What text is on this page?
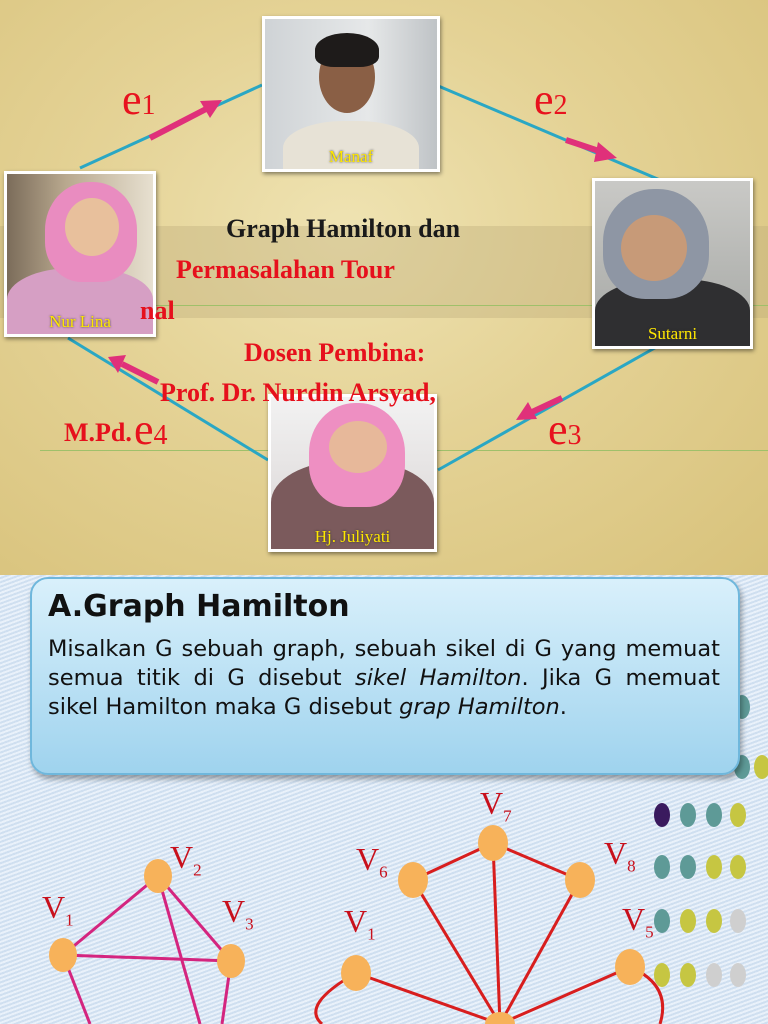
Manaf
Sutarni
Hj. Juliyati
Nur Lina
e1	e2
e3
e4
Graph Hamilton dan
Permasalahan Tour
nal
Dosen Pembina:
Prof. Dr. Nurdin Arsyad,
M.Pd.
A.Graph Hamilton
Misalkan G sebuah graph, sebuah sikel di G yang memuat semua titik di G disebut sikel Hamilton. Jika G memuat sikel Hamilton maka G disebut grap Hamilton.
$V_1$
$V_2$
$V_3$
$V_7$
$V_6$
$V_8$
$V_1$	$V_5$
